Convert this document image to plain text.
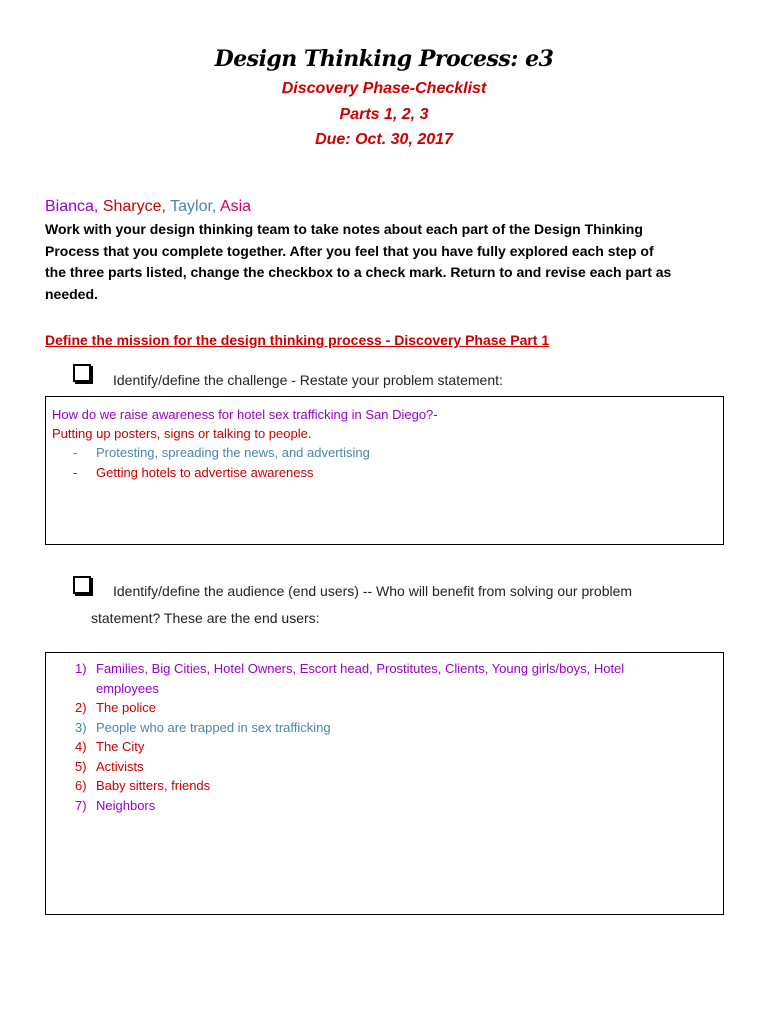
Design Thinking Process: e3
Discovery Phase-Checklist
Parts 1, 2, 3
Due: Oct. 30, 2017
Bianca, Sharyce, Taylor, Asia
Work with your design thinking team to take notes about each part of the Design Thinking
Process that you complete together. After you feel that you have fully explored each step of
the three parts listed, change the checkbox to a check mark. Return to and revise each part as
needed.
Define the mission for the design thinking process - Discovery Phase Part 1
Identify/define the challenge - Restate your problem statement:
How do we raise awareness for hotel sex trafficking in San Diego?-
Putting up posters, signs or talking to people.
- Protesting, spreading the news, and advertising
- Getting hotels to advertise awareness
Identify/define the audience (end users) -- Who will benefit from solving our problem
statement? These are the end users:
1) Families, Big Cities, Hotel Owners, Escort head, Prostitutes, Clients, Young girls/boys, Hotel
employees
2) The police
3) People who are trapped in sex trafficking
4) The City
5) Activists
6) Baby sitters, friends
7) Neighbors
